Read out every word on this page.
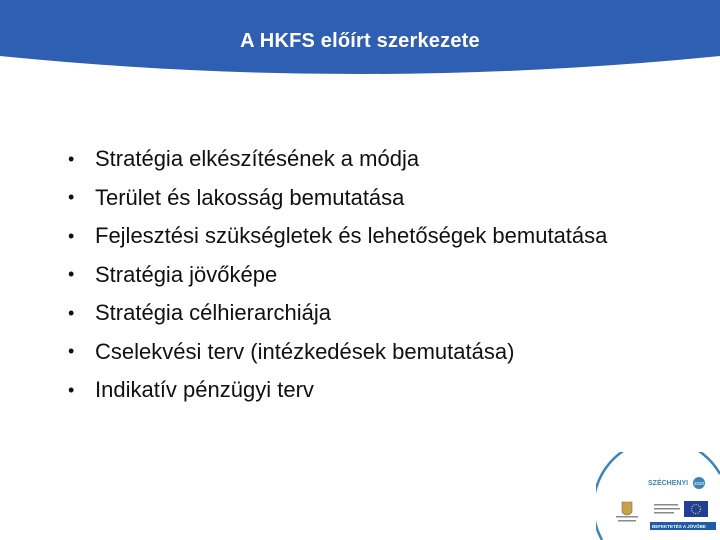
A HKFS előírt szerkezete
• Stratégia elkészítésének a módja
• Terület és lakosság bemutatása
• Fejlesztési szükségletek és lehetőségek bemutatása
• Stratégia jövőképe
• Stratégia célhierarchiája
• Cselekvési terv (intézkedések bemutatása)
• Indikatív pénzügyi terv
SZÉCHENYI 2020
BEFEKTETÉS A JÖVŐBE
